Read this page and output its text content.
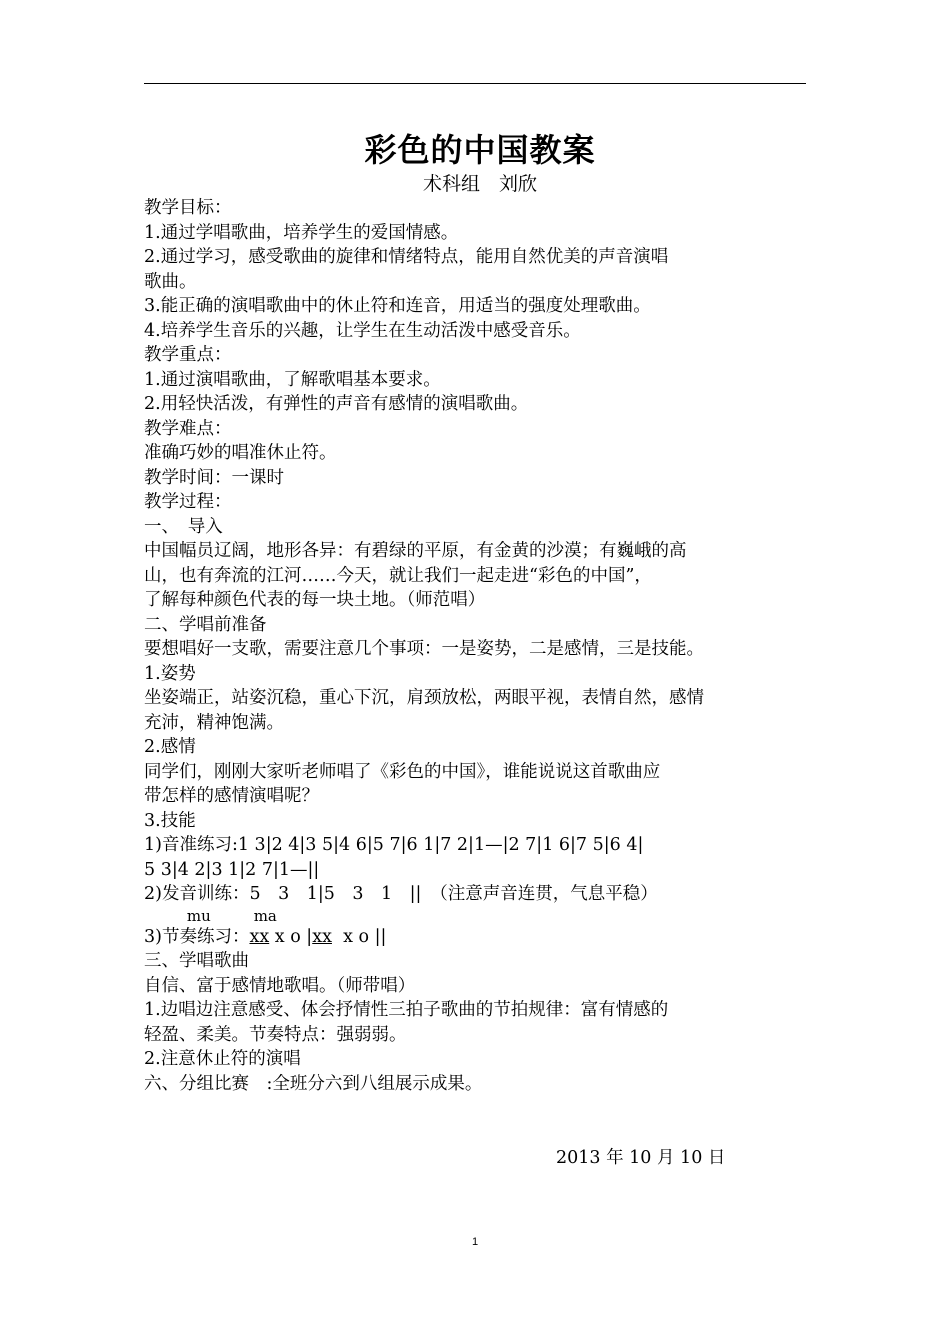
彩色的中国教案
术科组　刘欣
教学目标：
1.通过学唱歌曲，培养学生的爱国情感。
2.通过学习，感受歌曲的旋律和情绪特点，能用自然优美的声音演唱
歌曲。
3.能正确的演唱歌曲中的休止符和连音，用适当的强度处理歌曲。
4.培养学生音乐的兴趣，让学生在生动活泼中感受音乐。
教学重点：
1.通过演唱歌曲，了解歌唱基本要求。
2.用轻快活泼，有弹性的声音有感情的演唱歌曲。
教学难点：
准确巧妙的唱准休止符。
教学时间：一课时
教学过程：
一、　导入
中国幅员辽阔，地形各异：有碧绿的平原，有金黄的沙漠；有巍峨的高
山，也有奔流的江河……今天，就让我们一起走进“彩色的中国”，
了解每种颜色代表的每一块土地。（师范唱）
二、学唱前准备
要想唱好一支歌，需要注意几个事项：一是姿势，二是感情，三是技能。
1.姿势
坐姿端正，站姿沉稳，重心下沉，肩颈放松，两眼平视，表情自然，感情
充沛，精神饱满。
2.感情
同学们，刚刚大家听老师唱了《彩色的中国》，谁能说说这首歌曲应
带怎样的感情演唱呢？
3.技能
1)音准练习:1 3|2 4|3 5|4 6|5 7|6 1|7 2|1—|2 7|1 6|7 5|6 4|
5 3|4 2|3 1|2 7|1—||
2)发音训练：5　3　1|5　3　1　||　（注意声音连贯，气息平稳）
mu         ma
3)节奏练习：xx x o |xx  x o ||
三、学唱歌曲
自信、富于感情地歌唱。（师带唱）
1.边唱边注意感受、体会抒情性三拍子歌曲的节拍规律：富有情感的
轻盈、柔美。节奏特点：强弱弱。
2.注意休止符的演唱
六、分组比赛　:全班分六到八组展示成果。
2013 年 10 月 10 日
1
